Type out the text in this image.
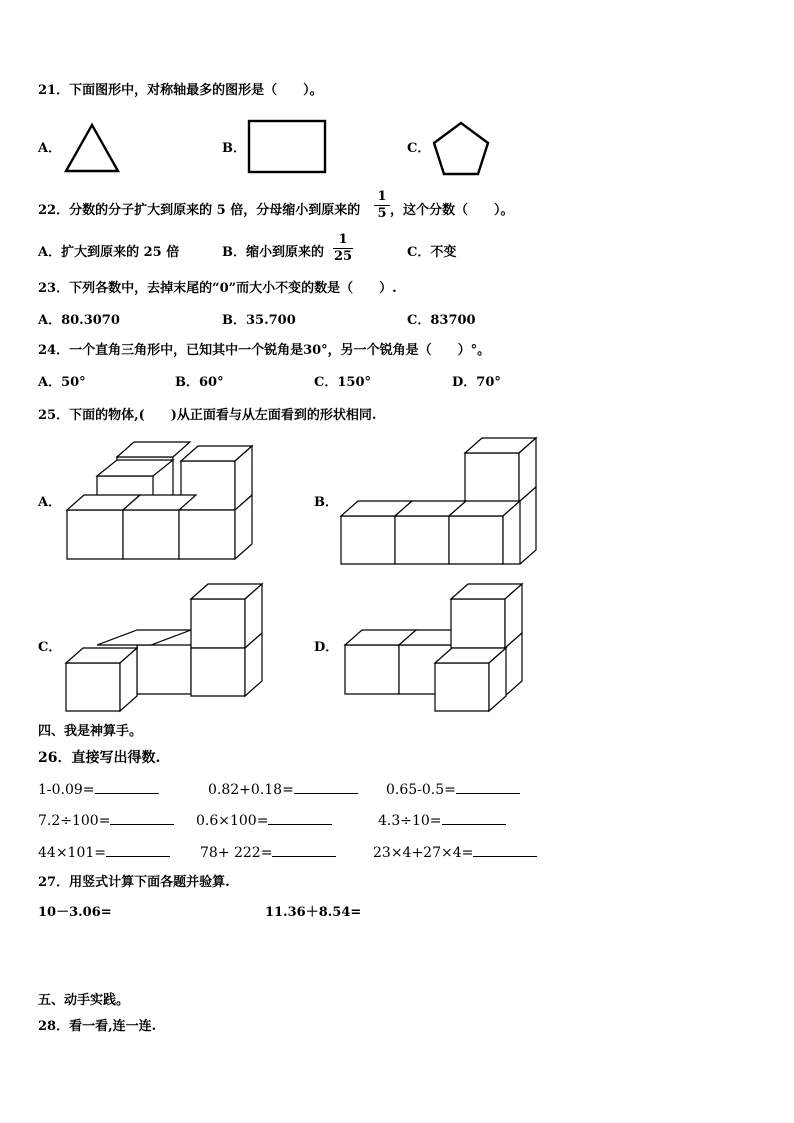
21．下面图形中，对称轴最多的图形是（　　）。
A．	B．	C．
22．分数的分子扩大到原来的 5 倍，分母缩小到原来的
1
5 ，这个分数（　　）。
A．扩大到原来的 25 倍	B．缩小到原来的
1
25	C．不变
23．下列各数中，去掉末尾的“0”而大小不变的数是（　　）.
A．80.3070	B．35.700	C．83700
24．一个直角三角形中，已知其中一个锐角是30°，另一个锐角是（　　）°。
A．50°	B．60°	C．150°	D．70°
25．下面的物体,(　　)从正面看与从左面看到的形状相同.
A．	B．
C．	D．
四、我是神算手。
26．直接写出得数.
1-0.09=	0.82+0.18=	0.65-0.5=
7.2÷100=	0.6×100=	4.3÷10=
44×101=	78+ 222=	23×4+27×4=
27．用竖式计算下面各题并验算.
10－3.06=	11.36＋8.54=
五、动手实践。
28．看一看,连一连.
